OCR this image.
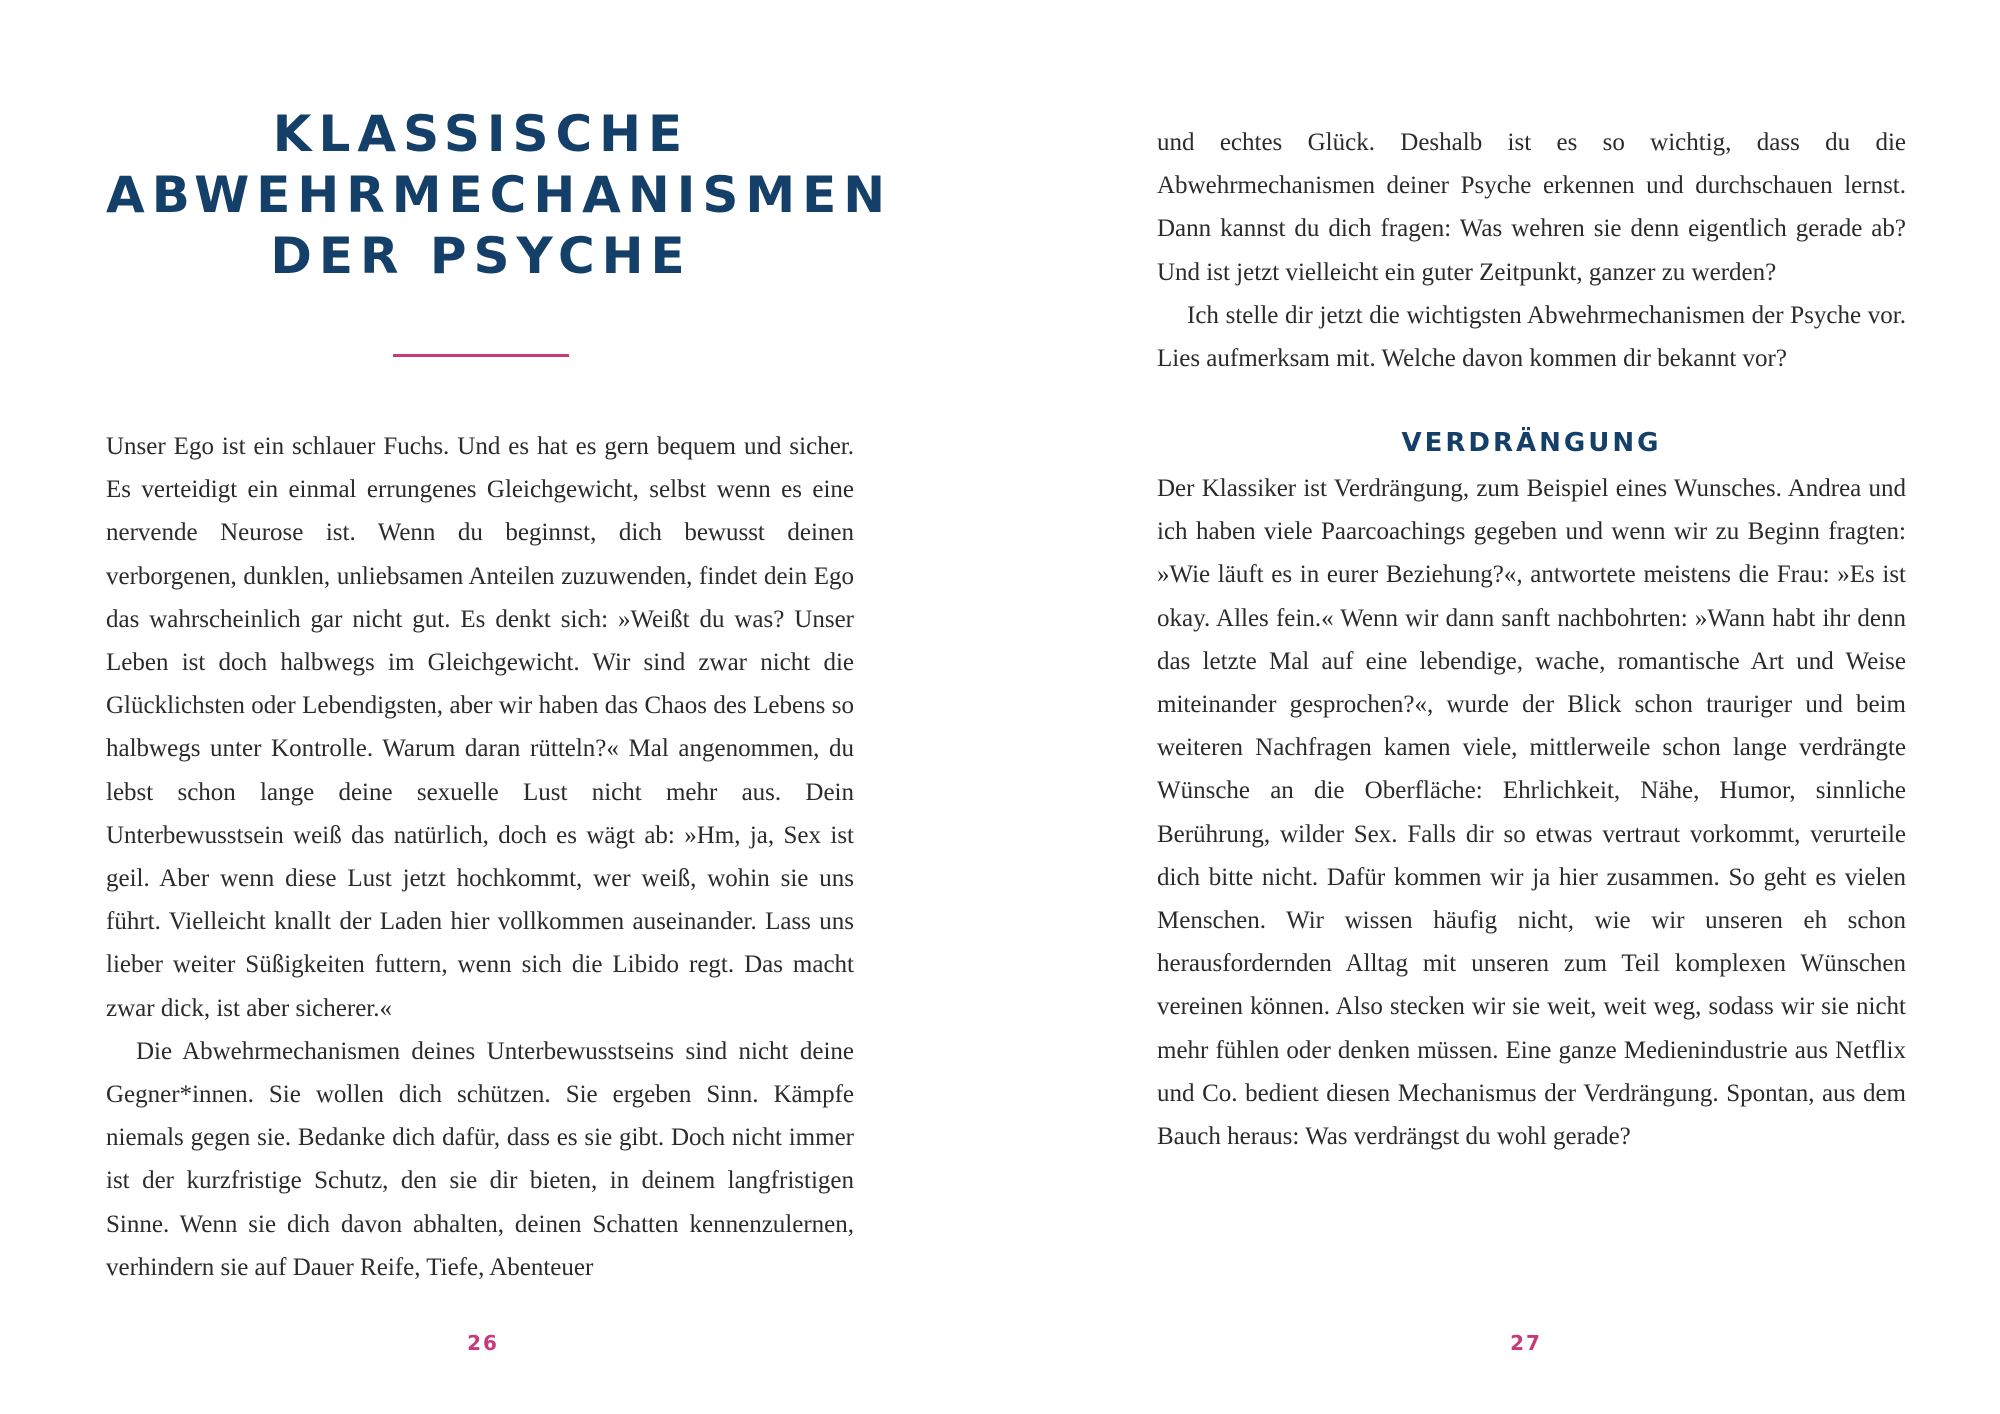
KLASSISCHE
ABWEHRMECHANISMEN
DER PSYCHE

Unser Ego ist ein schlauer Fuchs. Und es hat es gern bequem und sicher. Es verteidigt ein einmal errungenes Gleichgewicht, selbst wenn es eine nervende Neurose ist. Wenn du beginnst, dich bewusst deinen verborgenen, dunklen, unliebsamen Anteilen zuzuwenden, findet dein Ego das wahrscheinlich gar nicht gut. Es denkt sich: »Weißt du was? Unser Leben ist doch halbwegs im Gleichgewicht. Wir sind zwar nicht die Glücklichsten oder Lebendigsten, aber wir haben das Chaos des Lebens so halbwegs unter Kontrolle. Warum daran rütteln?« Mal angenommen, du lebst schon lange deine sexuelle Lust nicht mehr aus. Dein Unterbewusstsein weiß das natürlich, doch es wägt ab: »Hm, ja, Sex ist geil. Aber wenn diese Lust jetzt hochkommt, wer weiß, wohin sie uns führt. Vielleicht knallt der Laden hier vollkommen auseinander. Lass uns lieber weiter Süßigkeiten futtern, wenn sich die Libido regt. Das macht zwar dick, ist aber sicherer.«

Die Abwehrmechanismen deines Unterbewusstseins sind nicht deine Gegner*innen. Sie wollen dich schützen. Sie ergeben Sinn. Kämpfe niemals gegen sie. Bedanke dich dafür, dass es sie gibt. Doch nicht immer ist der kurzfristige Schutz, den sie dir bieten, in deinem langfristigen Sinne. Wenn sie dich davon abhalten, deinen Schatten kennenzulernen, verhindern sie auf Dauer Reife, Tiefe, Abenteuer

26

und echtes Glück. Deshalb ist es so wichtig, dass du die Abwehrmechanismen deiner Psyche erkennen und durchschauen lernst. Dann kannst du dich fragen: Was wehren sie denn eigentlich gerade ab? Und ist jetzt vielleicht ein guter Zeitpunkt, ganzer zu werden?

Ich stelle dir jetzt die wichtigsten Abwehrmechanismen der Psyche vor. Lies aufmerksam mit. Welche davon kommen dir bekannt vor?

VERDRÄNGUNG

Der Klassiker ist Verdrängung, zum Beispiel eines Wunsches. Andrea und ich haben viele Paarcoachings gegeben und wenn wir zu Beginn fragten: »Wie läuft es in eurer Beziehung?«, antwortete meistens die Frau: »Es ist okay. Alles fein.« Wenn wir dann sanft nachbohrten: »Wann habt ihr denn das letzte Mal auf eine lebendige, wache, romantische Art und Weise miteinander gesprochen?«, wurde der Blick schon trauriger und beim weiteren Nachfragen kamen viele, mittlerweile schon lange verdrängte Wünsche an die Oberfläche: Ehrlichkeit, Nähe, Humor, sinnliche Berührung, wilder Sex. Falls dir so etwas vertraut vorkommt, verurteile dich bitte nicht. Dafür kommen wir ja hier zusammen. So geht es vielen Menschen. Wir wissen häufig nicht, wie wir unseren eh schon herausfordernden Alltag mit unseren zum Teil komplexen Wünschen vereinen können. Also stecken wir sie weit, weit weg, sodass wir sie nicht mehr fühlen oder denken müssen. Eine ganze Medienindustrie aus Netflix und Co. bedient diesen Mechanismus der Verdrängung. Spontan, aus dem Bauch heraus: Was verdrängst du wohl gerade?

27
